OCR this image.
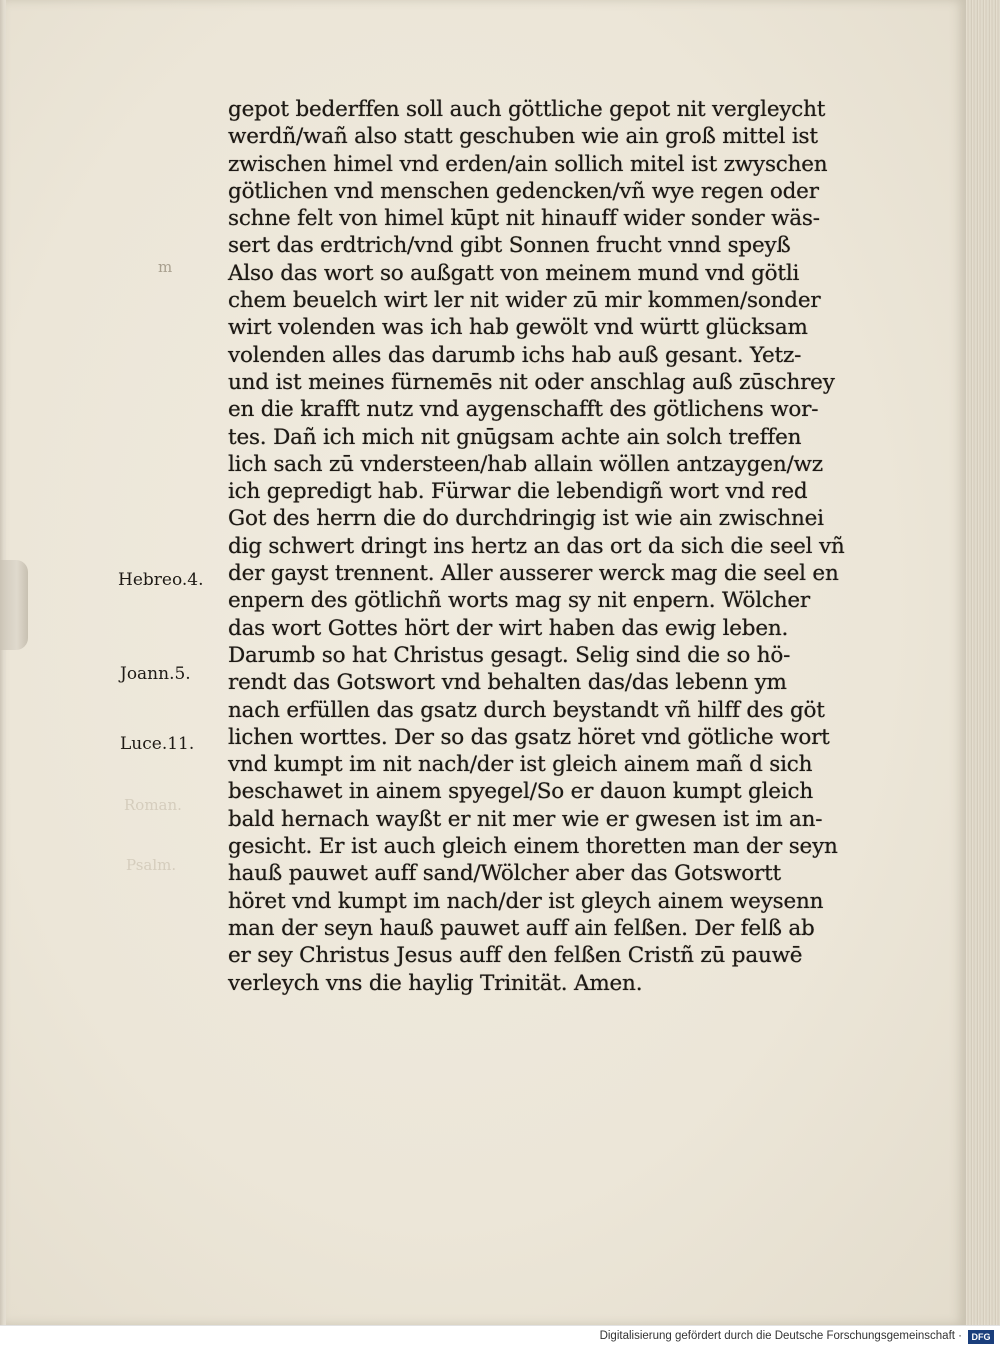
Roman.
Psalm.
m
Hebreo.4.
Joann.5.
Luce.11.
gepot bederffen soll auch göttliche gepot nit vergleycht
werdñ/wañ also statt geschuben wie ain groß mittel ist
zwischen himel vnd erden/ain sollich mitel ist zwyschen
götlichen vnd menschen gedencken/vñ wye regen oder
schne felt von himel kūpt nit hinauff wider sonder wäs-
sert das erdtrich/vnd gibt Sonnen frucht vnnd speyß
Also das wort so außgatt von meinem mund vnd götli
chem beuelch wirt ler nit wider zū mir kommen/sonder
wirt volenden was ich hab gewölt vnd württ glücksam
volenden alles das darumb ichs hab auß gesant. Yetz-
und ist meines fürnemēs nit oder anschlag auß zūschrey
en die krafft nutz vnd aygenschafft des götlichens wor-
tes. Dañ ich mich nit gnūgsam achte ain solch treffen
lich sach zū vndersteen/hab allain wöllen antzaygen/wz
ich gepredigt hab. Fürwar die lebendigñ wort vnd red
Got des herrn die do durchdringig ist wie ain zwischnei
dig schwert dringt ins hertz an das ort da sich die seel vñ
der gayst trennent. Aller ausserer werck mag die seel en
enpern des götlichñ worts mag sy nit enpern. Wölcher
das wort Gottes hört der wirt haben das ewig leben.
Darumb so hat Christus gesagt. Selig sind die so hö-
rendt das Gotswort vnd behalten das/das lebenn ym
nach erfüllen das gsatz durch beystandt vñ hilff des göt
lichen worttes. Der so das gsatz höret vnd götliche wort
vnd kumpt im nit nach/der ist gleich ainem mañ d sich
beschawet in ainem spyegel/So er dauon kumpt gleich
bald hernach wayßt er nit mer wie er gwesen ist im an-
gesicht. Er ist auch gleich einem thoretten man der seyn
hauß pauwet auff sand/Wölcher aber das Gotswortt
höret vnd kumpt im nach/der ist gleych ainem weysenn
man der seyn hauß pauwet auff ain felßen. Der felß ab
er sey Christus Jesus auff den felßen Cristñ zū pauwē
verleych vns die haylig Trinität. Amen.
Digitalisierung gefördert durch die Deutsche Forschungsgemeinschaft ·	DFG
